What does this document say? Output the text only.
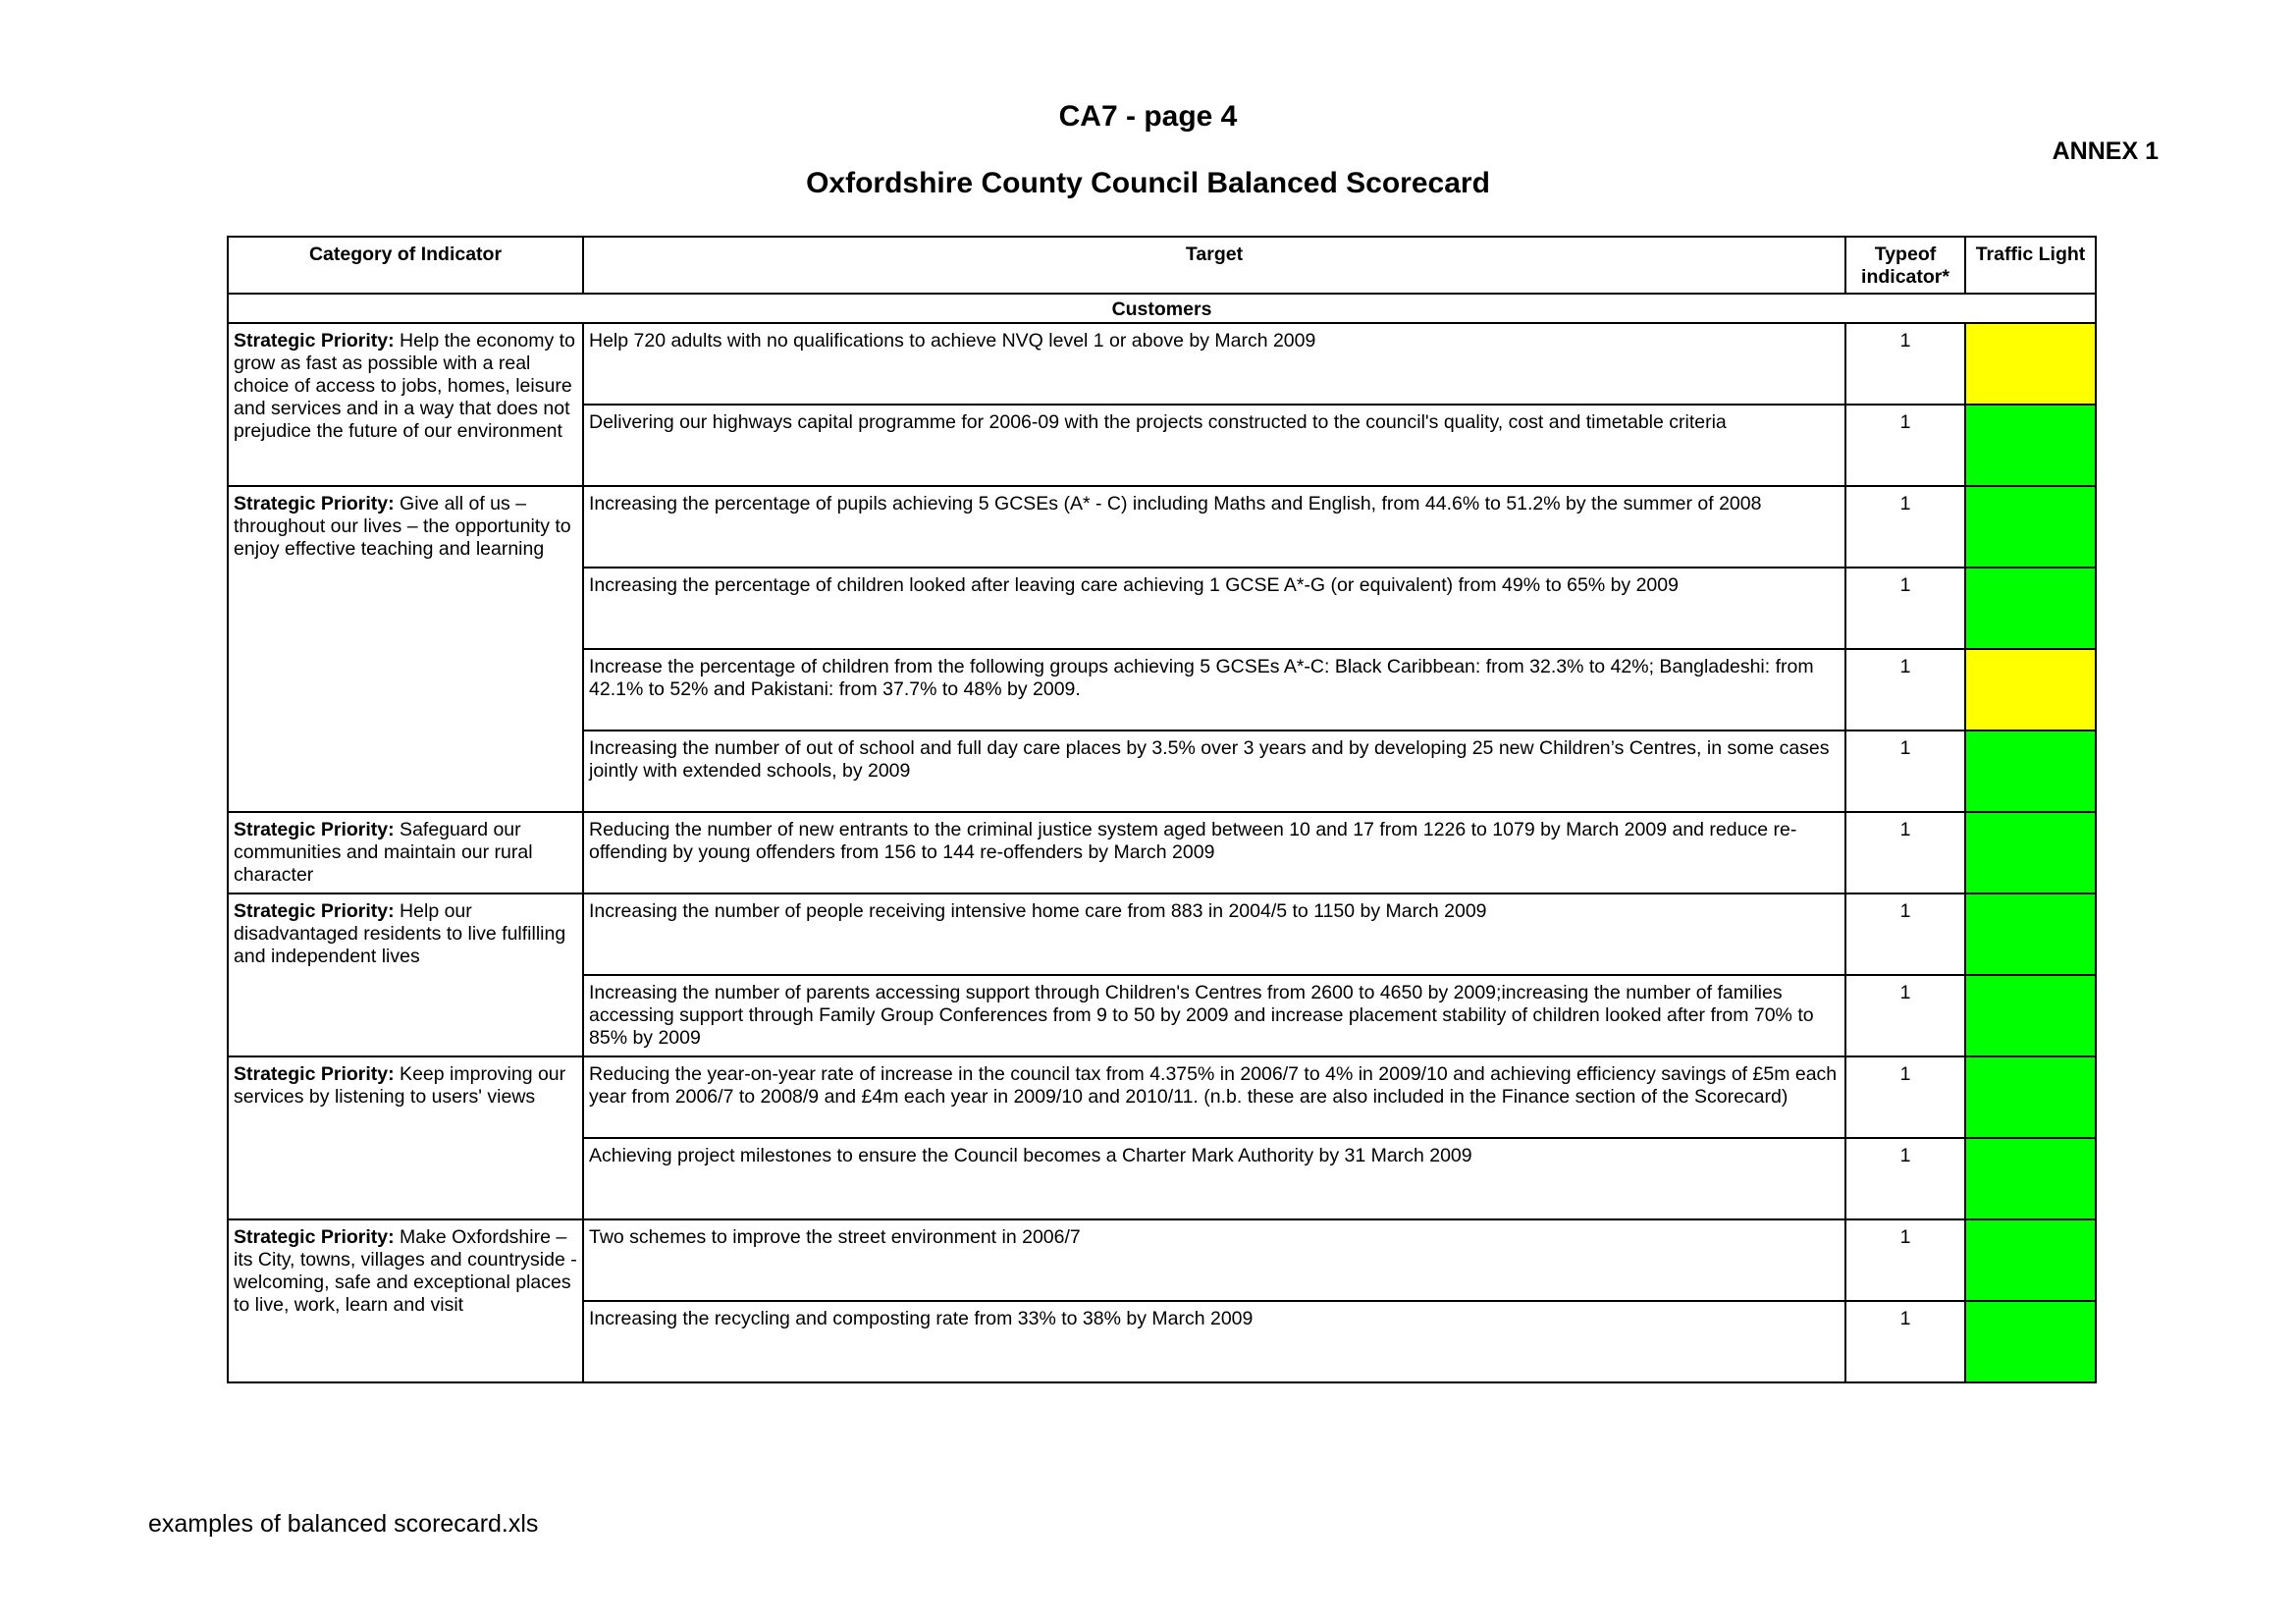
CA7 - page 4
ANNEX 1
Oxfordshire County Council Balanced Scorecard
Category of Indicator	Target	Typeof indicator*	Traffic Light
Customers			
Strategic Priority: Help the economy to grow as fast as possible with a real choice of access to jobs, homes, leisure and services and in a way that does not prejudice the future of our environment	Help 720 adults with no qualifications to achieve NVQ level 1 or above by March 2009	1	
	Delivering our highways capital programme for 2006-09 with the projects constructed to the council's quality, cost and timetable criteria	1	
Strategic Priority: Give all of us – throughout our lives – the opportunity to enjoy effective teaching and learning	Increasing the percentage of pupils achieving 5 GCSEs (A* - C) including Maths and English, from 44.6% to 51.2% by the summer of 2008	1	
	Increasing the percentage of children looked after leaving care achieving 1 GCSE A*-G (or equivalent) from 49% to 65% by 2009	1	
	Increase the percentage of children from the following groups achieving 5 GCSEs A*-C: Black Caribbean: from 32.3% to 42%; Bangladeshi: from 42.1% to 52% and Pakistani: from 37.7% to 48% by 2009.	1	
	Increasing the number of out of school and full day care places by 3.5% over 3 years and by developing 25 new Children’s Centres, in some cases jointly with extended schools, by 2009	1	
Strategic Priority: Safeguard our communities and maintain our rural character	Reducing the number of new entrants to the criminal justice system aged between 10 and 17 from 1226 to 1079 by March 2009 and reduce re-offending by young offenders from 156 to 144 re-offenders by March 2009	1	
Strategic Priority: Help our disadvantaged residents to live fulfilling and independent lives	Increasing the number of people receiving intensive home care from 883 in 2004/5 to 1150 by March 2009	1	
	Increasing the number of parents accessing support through Children's Centres from 2600 to 4650 by 2009;increasing the number of families accessing support through Family Group Conferences from 9 to 50 by 2009 and increase placement stability of children looked after from 70% to 85% by 2009	1	
Strategic Priority: Keep improving our services by listening to users' views	Reducing the year-on-year rate of increase in the council tax from 4.375% in 2006/7 to 4% in 2009/10 and achieving efficiency savings of £5m each year from 2006/7 to 2008/9 and £4m each year in 2009/10 and 2010/11. (n.b. these are also included in the Finance section of the Scorecard)	1	
	Achieving project milestones to ensure the Council becomes a Charter Mark Authority by 31 March 2009	1	
Strategic Priority: Make Oxfordshire – its City, towns, villages and countryside - welcoming, safe and exceptional places to live, work, learn and visit	Two schemes to improve the street environment in 2006/7	1	
	Increasing the recycling and composting rate from 33% to 38% by March 2009	1	
examples of balanced scorecard.xls
